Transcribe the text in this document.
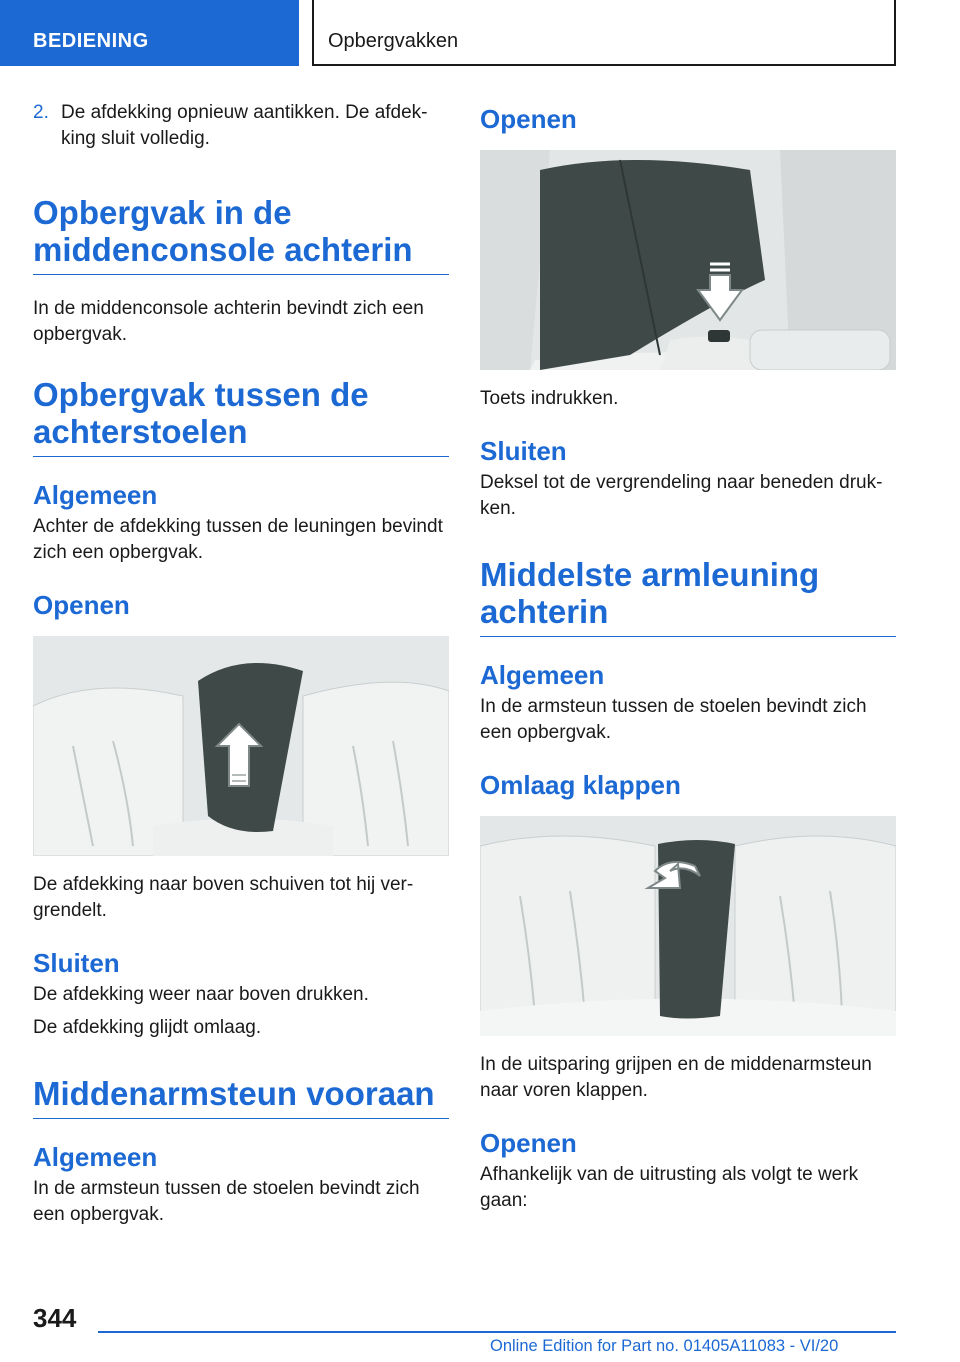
BEDIENING	Opbergvakken
2. De afdekking opnieuw aantikken. De afdek-king sluit volledig.
Opbergvak in de middenconsole achterin

In de middenconsole achterin bevindt zich een opbergvak.

Opbergvak tussen de achterstoelen
Algemeen

Achter de afdekking tussen de leuningen bevindt zich een opbergvak.

Openen

De afdekking naar boven schuiven tot hij ver-grendelt.

Sluiten

De afdekking weer naar boven drukken.

De afdekking glijdt omlaag.

Middenarmsteun vooraan
Algemeen

In de armsteun tussen de stoelen bevindt zich een opbergvak.

Openen

Toets indrukken.

Sluiten

Deksel tot de vergrendeling naar beneden druk-ken.

Middelste armleuning achterin
Algemeen

In de armsteun tussen de stoelen bevindt zich een opbergvak.

Omlaag klappen

In de uitsparing grijpen en de middenarmsteun naar voren klappen.

Openen

Afhankelijk van de uitrusting als volgt te werk gaan:

344
Online Edition for Part no. 01405A11083 - VI/20
